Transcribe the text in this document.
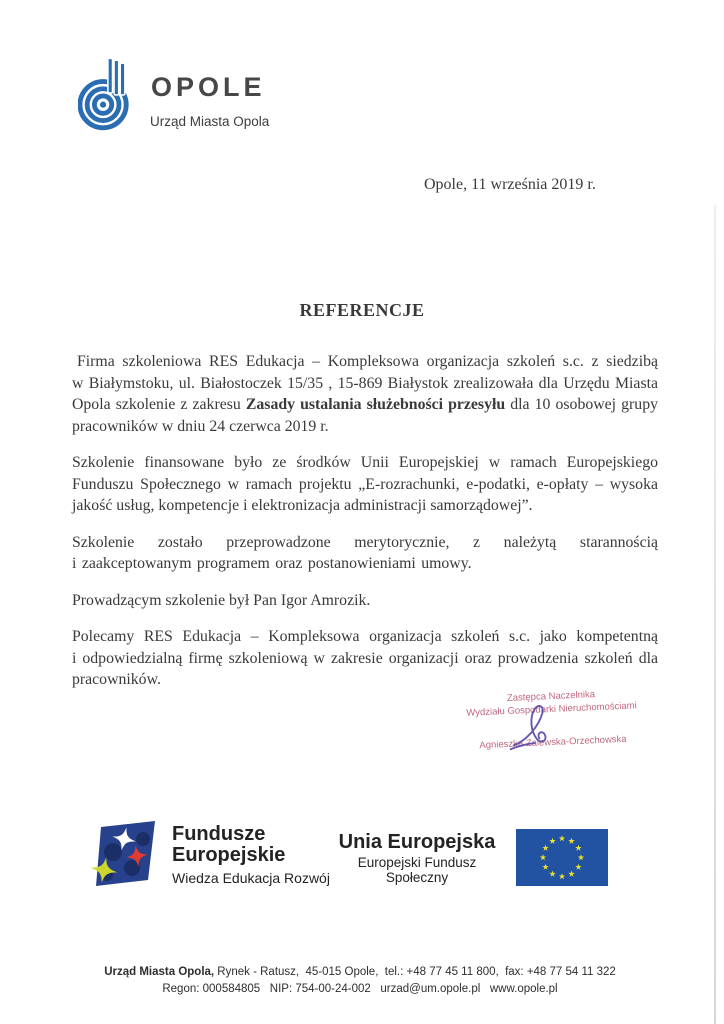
OPOLE
Urząd Miasta Opola
Opole, 11 września 2019 r.
REFERENCJE

Firma szkoleniowa RES Edukacja – Kompleksowa organizacja szkoleń s.c. z siedzibą w Białymstoku, ul. Białostoczek 15/35 , 15-869 Białystok zrealizowała dla Urzędu Miasta Opola szkolenie z zakresu Zasady ustalania służebności przesyłu dla 10 osobowej grupy pracowników w dniu 24 czerwca 2019 r.

Szkolenie finansowane było ze środków Unii Europejskiej w ramach Europejskiego Funduszu Społecznego w ramach projektu „E-rozrachunki, e-podatki, e-opłaty – wysoka jakość usług, kompetencje i elektronizacja administracji samorządowej”.

Szkolenie zostało przeprowadzone merytorycznie, z należytą starannością i zaakceptowanym programem oraz postanowieniami umowy.

Prowadzącym szkolenie był Pan Igor Amrozik.

Polecamy RES Edukacja – Kompleksowa organizacja szkoleń s.c. jako kompetentną i odpowiedzialną firmę szkoleniową w zakresie organizacji oraz prowadzenia szkoleń dla pracowników.

Zastępca Naczelnika
Wydziału Gospodarki Nieruchomościami
Agnieszka Zalewska-Orzechowska
Fundusze
Europejskie
Wiedza Edukacja Rozwój
Unia Europejska
Europejski Fundusz Społeczny
Urząd Miasta Opola, Rynek - Ratusz,  45-015 Opole,  tel.: +48 77 45 11 800,  fax: +48 77 54 11 322
Regon: 000584805   NIP: 754-00-24-002   urzad@um.opole.pl   www.opole.pl
